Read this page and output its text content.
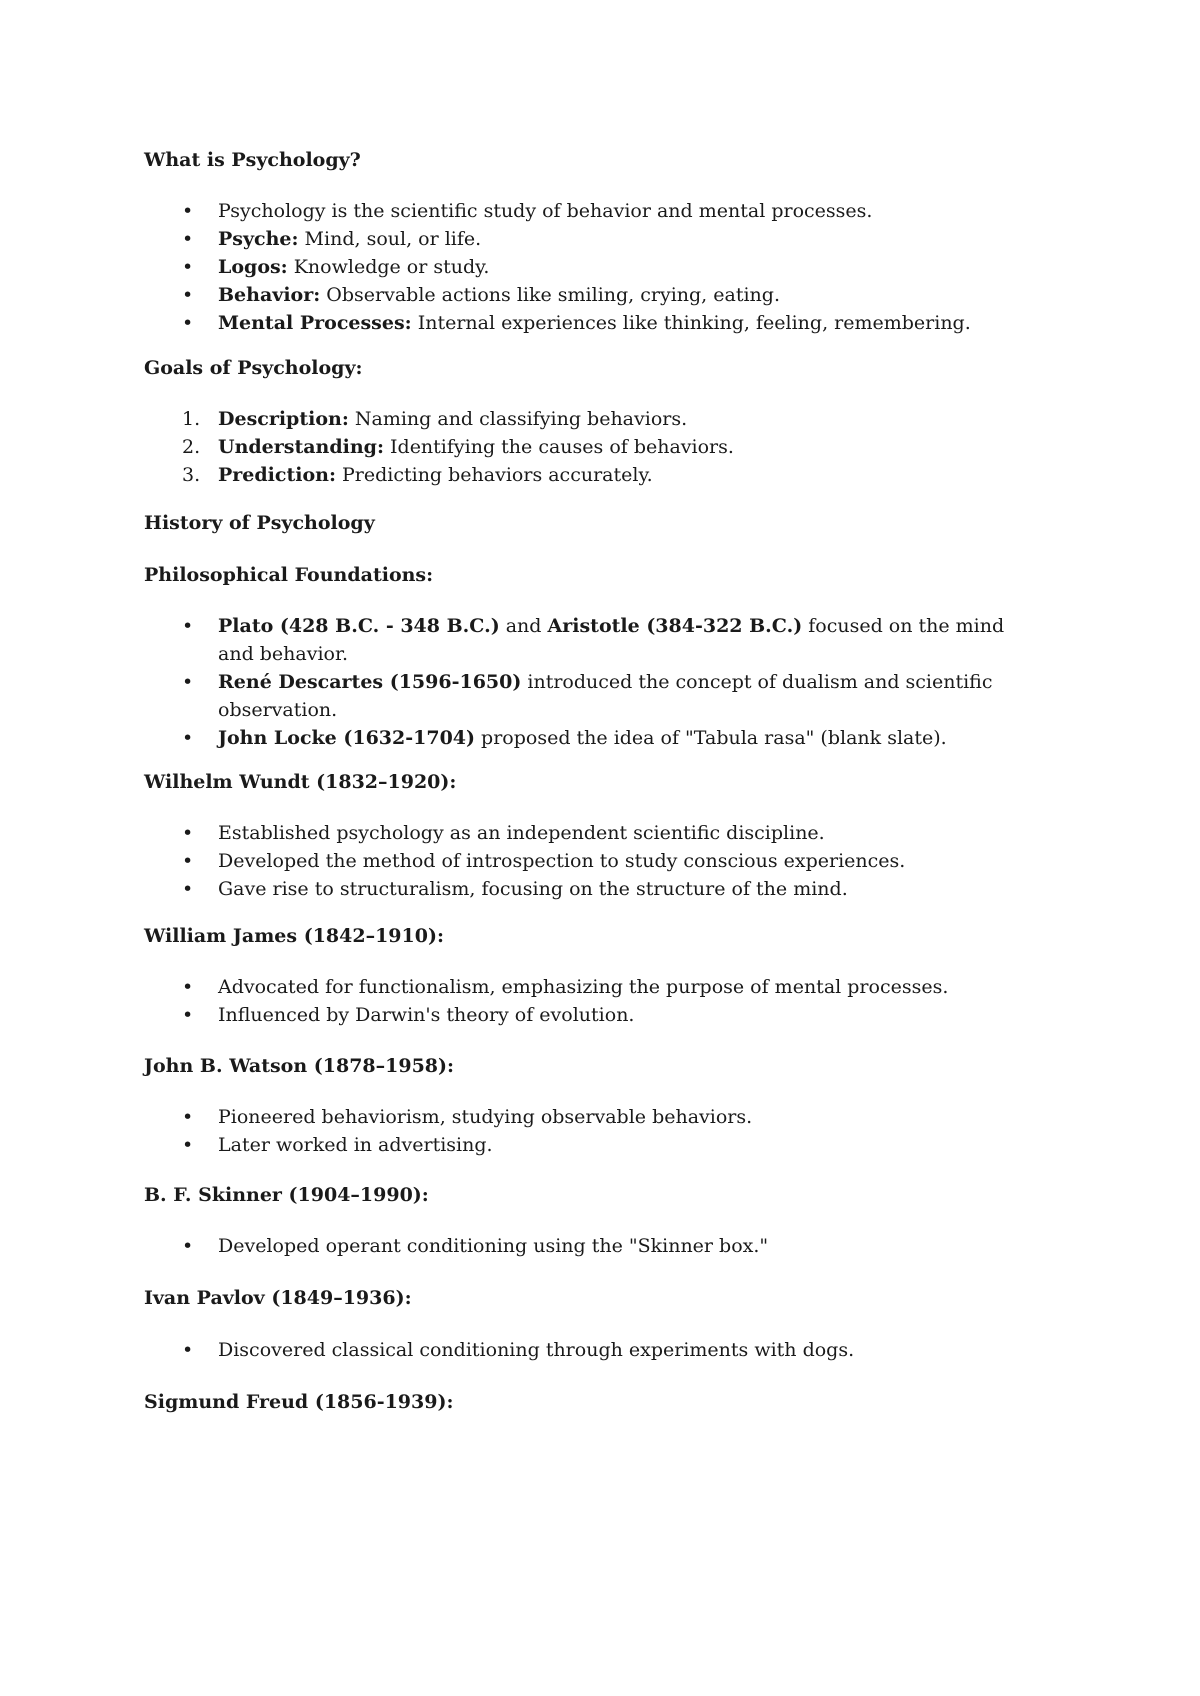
What is Psychology?
• Psychology is the scientific study of behavior and mental processes.
• Psyche: Mind, soul, or life.
• Logos: Knowledge or study.
• Behavior: Observable actions like smiling, crying, eating.
• Mental Processes: Internal experiences like thinking, feeling, remembering.
Goals of Psychology:
1. Description: Naming and classifying behaviors.
2. Understanding: Identifying the causes of behaviors.
3. Prediction: Predicting behaviors accurately.
History of Psychology
Philosophical Foundations:
• Plato (428 B.C. - 348 B.C.) and Aristotle (384-322 B.C.) focused on the mind and behavior.
• René Descartes (1596-1650) introduced the concept of dualism and scientific observation.
• John Locke (1632-1704) proposed the idea of "Tabula rasa" (blank slate).
Wilhelm Wundt (1832–1920):
• Established psychology as an independent scientific discipline.
• Developed the method of introspection to study conscious experiences.
• Gave rise to structuralism, focusing on the structure of the mind.
William James (1842–1910):
• Advocated for functionalism, emphasizing the purpose of mental processes.
• Influenced by Darwin's theory of evolution.
John B. Watson (1878–1958):
• Pioneered behaviorism, studying observable behaviors.
• Later worked in advertising.
B. F. Skinner (1904–1990):
• Developed operant conditioning using the "Skinner box."
Ivan Pavlov (1849–1936):
• Discovered classical conditioning through experiments with dogs.
Sigmund Freud (1856-1939):
